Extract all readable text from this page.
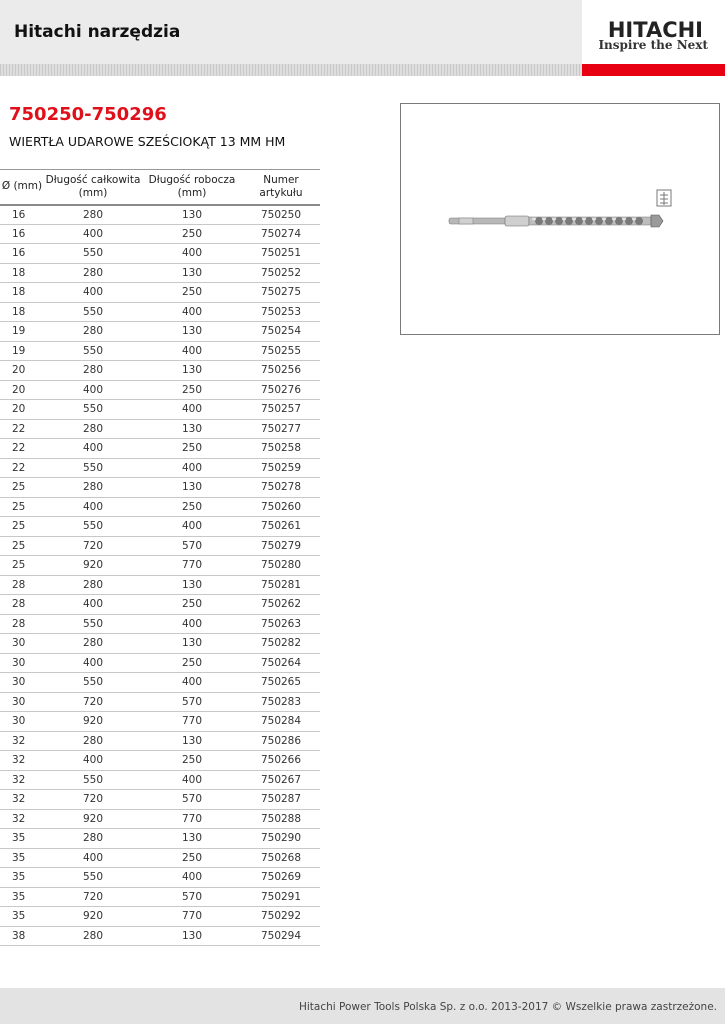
Hitachi narzędzia	HITACHI
Inspire the Next
750250-750296
WIERTŁA UDAROWE SZEŚCIOKĄT 13 MM HM
Ø (mm)	Długość całkowita (mm)	Długość robocza (mm)	Numer artykułu
16	280	130	750250
16	400	250	750274
16	550	400	750251
18	280	130	750252
18	400	250	750275
18	550	400	750253
19	280	130	750254
19	550	400	750255
20	280	130	750256
20	400	250	750276
20	550	400	750257
22	280	130	750277
22	400	250	750258
22	550	400	750259
25	280	130	750278
25	400	250	750260
25	550	400	750261
25	720	570	750279
25	920	770	750280
28	280	130	750281
28	400	250	750262
28	550	400	750263
30	280	130	750282
30	400	250	750264
30	550	400	750265
30	720	570	750283
30	920	770	750284
32	280	130	750286
32	400	250	750266
32	550	400	750267
32	720	570	750287
32	920	770	750288
35	280	130	750290
35	400	250	750268
35	550	400	750269
35	720	570	750291
35	920	770	750292
38	280	130	750294
Hitachi Power Tools Polska Sp. z o.o. 2013-2017 © Wszelkie prawa zastrzeżone.
